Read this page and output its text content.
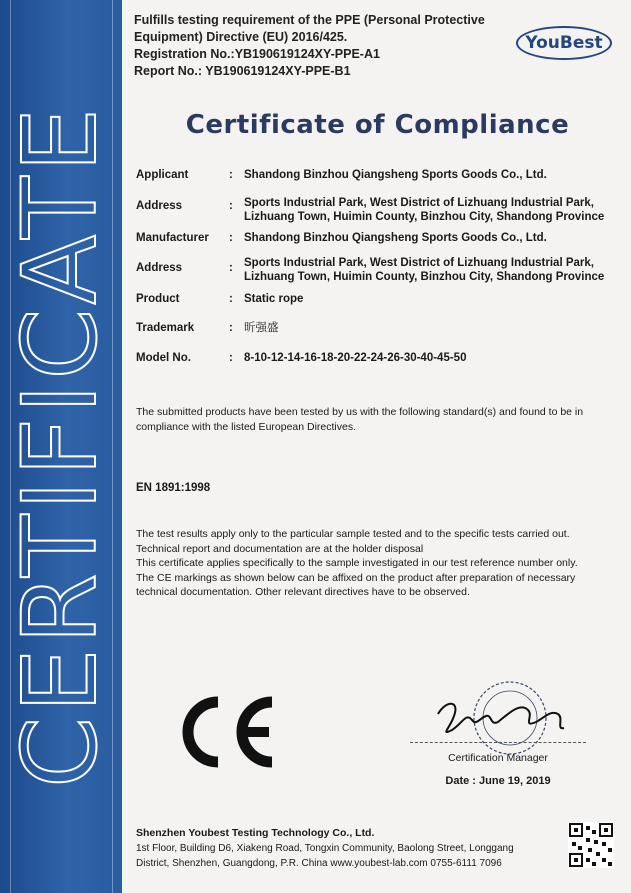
CERTIFICATE
Fulfills testing requirement of the PPE (Personal Protective
Equipment) Directive (EU) 2016/425.
Registration No.:YB190619124XY-PPE-A1
Report No.: YB190619124XY-PPE-B1
YouBest
Certificate of Compliance
Applicant	: Shandong Binzhou Qiangsheng Sports Goods Co., Ltd.
Address	: Sports Industrial Park, West District of Lizhuang Industrial Park, Lizhuang Town, Huimin County, Binzhou City, Shandong Province
Manufacturer	: Shandong Binzhou Qiangsheng Sports Goods Co., Ltd.
Address	: Sports Industrial Park, West District of Lizhuang Industrial Park, Lizhuang Town, Huimin County, Binzhou City, Shandong Province
Product	: Static rope
Trademark	: 昕强盛
Model No.	: 8-10-12-14-16-18-20-22-24-26-30-40-45-50
The submitted products have been tested by us with the following standard(s) and found to be in compliance with the listed European Directives.
EN 1891:1998
The test results apply only to the particular sample tested and to the specific tests carried out.
Technical report and documentation are at the holder disposal
This certificate applies specifically to the sample investigated in our test reference number only.
The CE markings as shown below can be affixed on the product after preparation of necessary technical documentation. Other relevant directives have to be observed.
Certification Manager
Date : June 19, 2019
Shenzhen Youbest Testing Technology Co., Ltd.
1st Floor, Building D6, Xiakeng Road, Tongxin Community, Baolong Street, Longgang
District, Shenzhen, Guangdong, P.R. China www.youbest-lab.com 0755-6111 7096
